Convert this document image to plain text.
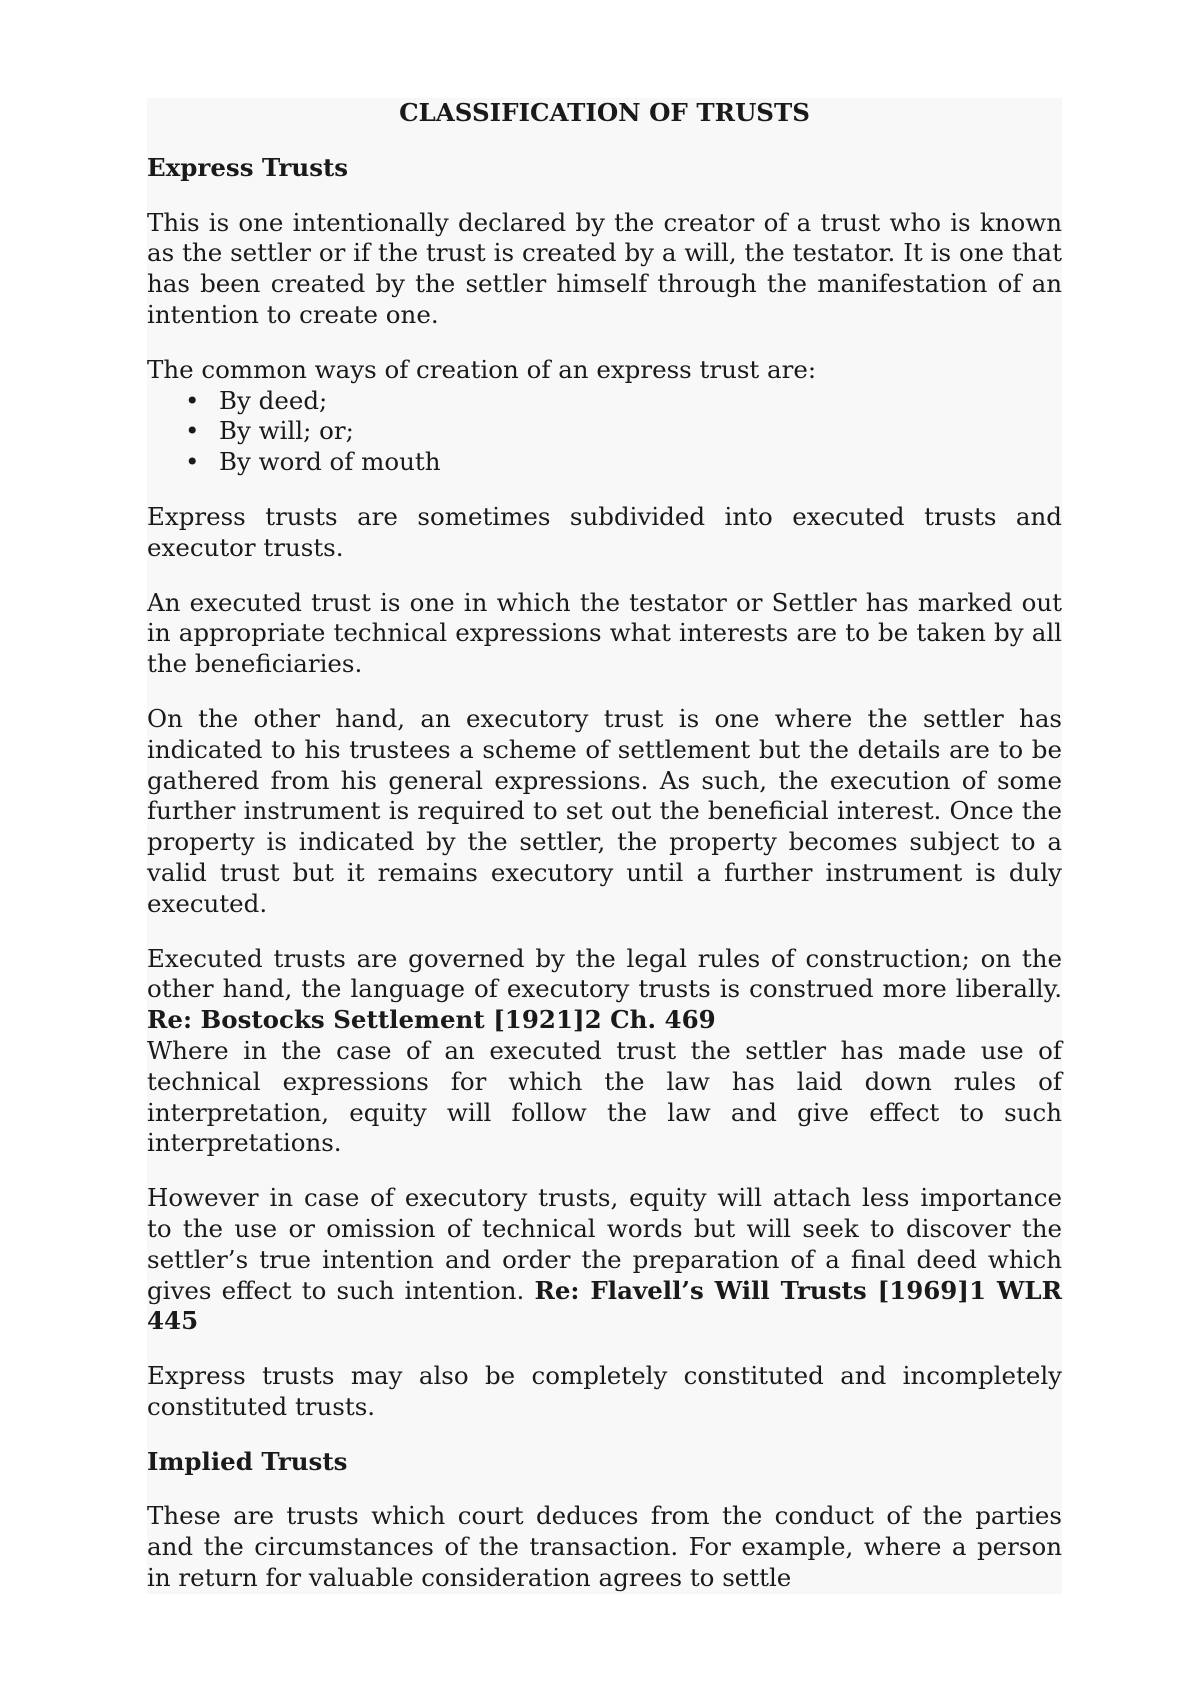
CLASSIFICATION OF TRUSTS
Express Trusts
This is one intentionally declared by the creator of a trust who is known as the settler or if the trust is created by a will, the testator. It is one that has been created by the settler himself through the manifestation of an intention to create one.
The common ways of creation of an express trust are:
• By deed;
• By will; or;
• By word of mouth
Express trusts are sometimes subdivided into executed trusts and executor trusts.
An executed trust is one in which the testator or Settler has marked out in appropriate technical expressions what interests are to be taken by all the beneficiaries.
On the other hand, an executory trust is one where the settler has indicated to his trustees a scheme of settlement but the details are to be gathered from his general expressions. As such, the execution of some further instrument is required to set out the beneficial interest. Once the property is indicated by the settler, the property becomes subject to a valid trust but it remains executory until a further instrument is duly executed.
Executed trusts are governed by the legal rules of construction; on the other hand, the language of executory trusts is construed more liberally. Re: Bostocks Settlement [1921]2 Ch. 469
Where in the case of an executed trust the settler has made use of technical expressions for which the law has laid down rules of interpretation, equity will follow the law and give effect to such interpretations.
However in case of executory trusts, equity will attach less importance to the use or omission of technical words but will seek to discover the settler’s true intention and order the preparation of a final deed which gives effect to such intention. Re: Flavell’s Will Trusts [1969]1 WLR 445
Express trusts may also be completely constituted and incompletely constituted trusts.
Implied Trusts
These are trusts which court deduces from the conduct of the parties and the circumstances of the transaction. For example, where a person in return for valuable consideration agrees to settle
